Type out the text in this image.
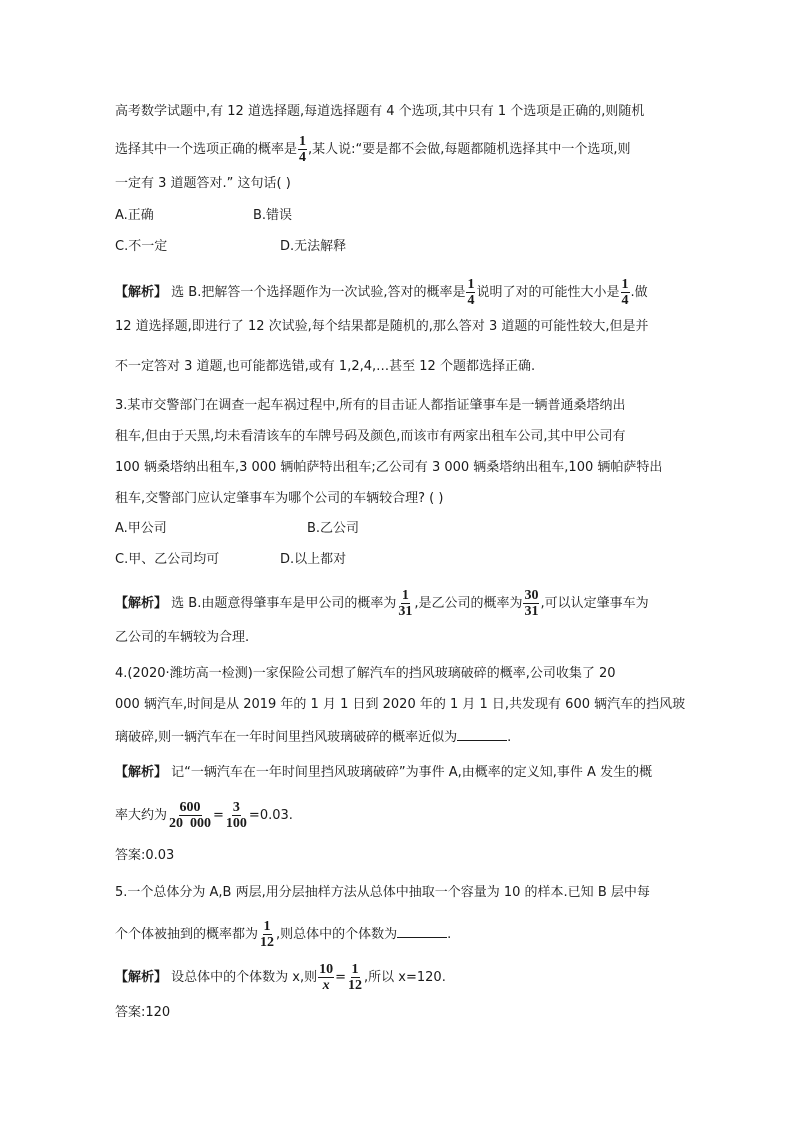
高考数学试题中,有 12 道选择题,每道选择题有 4 个选项,其中只有 1 个选项是正确的,则随机
选择其中一个选项正确的概率是 $\frac{1}{4}$ ,某人说:“要是都不会做,每题都随机选择其中一个选项,则
一定有 3 道题答对.” 这句话( )
A.正确	B.错误
C.不一定	D.无法解释
【解析】 选 B.把解答一个选择题作为一次试验,答对的概率是 $\frac{1}{4}$ 说明了对的可能性大小是 $\frac{1}{4}$ .做
12 道选择题,即进行了 12 次试验,每个结果都是随机的,那么答对 3 道题的可能性较大,但是并
不一定答对 3 道题,也可能都选错,或有 1,2,4,…甚至 12 个题都选择正确.
3.某市交警部门在调查一起车祸过程中,所有的目击证人都指证肇事车是一辆普通桑塔纳出
租车,但由于天黑,均未看清该车的车牌号码及颜色,而该市有两家出租车公司,其中甲公司有
100 辆桑塔纳出租车,3 000 辆帕萨特出租车;乙公司有 3 000 辆桑塔纳出租车,100 辆帕萨特出
租车,交警部门应认定肇事车为哪个公司的车辆较合理? ( )
A.甲公司	B.乙公司
C.甲、乙公司均可	D.以上都对
【解析】 选 B.由题意得肇事车是甲公司的概率为 $\frac{1}{31}$ ,是乙公司的概率为 $\frac{30}{31}$ ,可以认定肇事车为
乙公司的车辆较为合理.
4.(2020·潍坊高一检测)一家保险公司想了解汽车的挡风玻璃破碎的概率,公司收集了 20
000 辆汽车,时间是从 2019 年的 1 月 1 日到 2020 年的 1 月 1 日,共发现有 600 辆汽车的挡风玻
璃破碎,则一辆汽车在一年时间里挡风玻璃破碎的概率近似为	.
【解析】 记“一辆汽车在一年时间里挡风玻璃破碎”为事件 A,由概率的定义知,事件 A 发生的概
率大约为 $\frac{600}{20 000} = \frac{3}{100} =0.03$.
答案:0.03
5.一个总体分为 A,B 两层,用分层抽样方法从总体中抽取一个容量为 10 的样本.已知 B 层中每
个个体被抽到的概率都为 $\frac{1}{12}$ ,则总体中的个体数为	.
【解析】 设总体中的个体数为 x,则 $\frac{10}{x} = \frac{1}{12}$ ,所以 x=120.
答案:120
